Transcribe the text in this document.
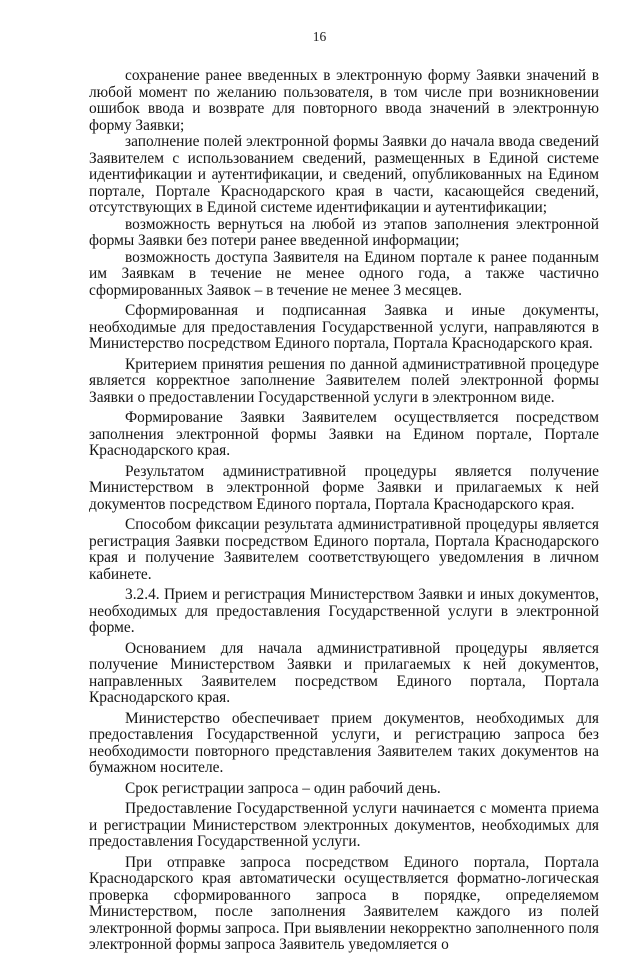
16

сохранение ранее введенных в электронную форму Заявки значений в любой момент по желанию пользователя, в том числе при возникновении ошибок ввода и возврате для повторного ввода значений в электронную форму Заявки;

заполнение полей электронной формы Заявки до начала ввода сведений Заявителем с использованием сведений, размещенных в Единой системе идентификации и аутентификации, и сведений, опубликованных на Едином портале, Портале Краснодарского края в части, касающейся сведений, отсутствующих в Единой системе идентификации и аутентификации;

возможность вернуться на любой из этапов заполнения электронной формы Заявки без потери ранее введенной информации;

возможность доступа Заявителя на Едином портале к ранее поданным им Заявкам в течение не менее одного года, а также частично сформированных Заявок – в течение не менее 3 месяцев.

Сформированная и подписанная Заявка и иные документы, необходимые для предоставления Государственной услуги, направляются в Министерство посредством Единого портала, Портала Краснодарского края.

Критерием принятия решения по данной административной процедуре является корректное заполнение Заявителем полей электронной формы Заявки о предоставлении Государственной услуги в электронном виде.

Формирование Заявки Заявителем осуществляется посредством заполнения электронной формы Заявки на Едином портале, Портале Краснодарского края.

Результатом административной процедуры является получение Министерством в электронной форме Заявки и прилагаемых к ней документов посредством Единого портала, Портала Краснодарского края.

Способом фиксации результата административной процедуры является регистрация Заявки посредством Единого портала, Портала Краснодарского края и получение Заявителем соответствующего уведомления в личном кабинете.

3.2.4. Прием и регистрация Министерством Заявки и иных документов, необходимых для предоставления Государственной услуги в электронной форме.

Основанием для начала административной процедуры является получение Министерством Заявки и прилагаемых к ней документов, направленных Заявителем посредством Единого портала, Портала Краснодарского края.

Министерство обеспечивает прием документов, необходимых для предоставления Государственной услуги, и регистрацию запроса без необходимости повторного представления Заявителем таких документов на бумажном носителе.

Срок регистрации запроса – один рабочий день.

Предоставление Государственной услуги начинается с момента приема и регистрации Министерством электронных документов, необходимых для предоставления Государственной услуги.

При отправке запроса посредством Единого портала, Портала Краснодарского края автоматически осуществляется форматно-логическая проверка сформированного запроса в порядке, определяемом Министерством, после заполнения Заявителем каждого из полей электронной формы запроса. При выявлении некорректно заполненного поля электронной формы запроса Заявитель уведомляется о
